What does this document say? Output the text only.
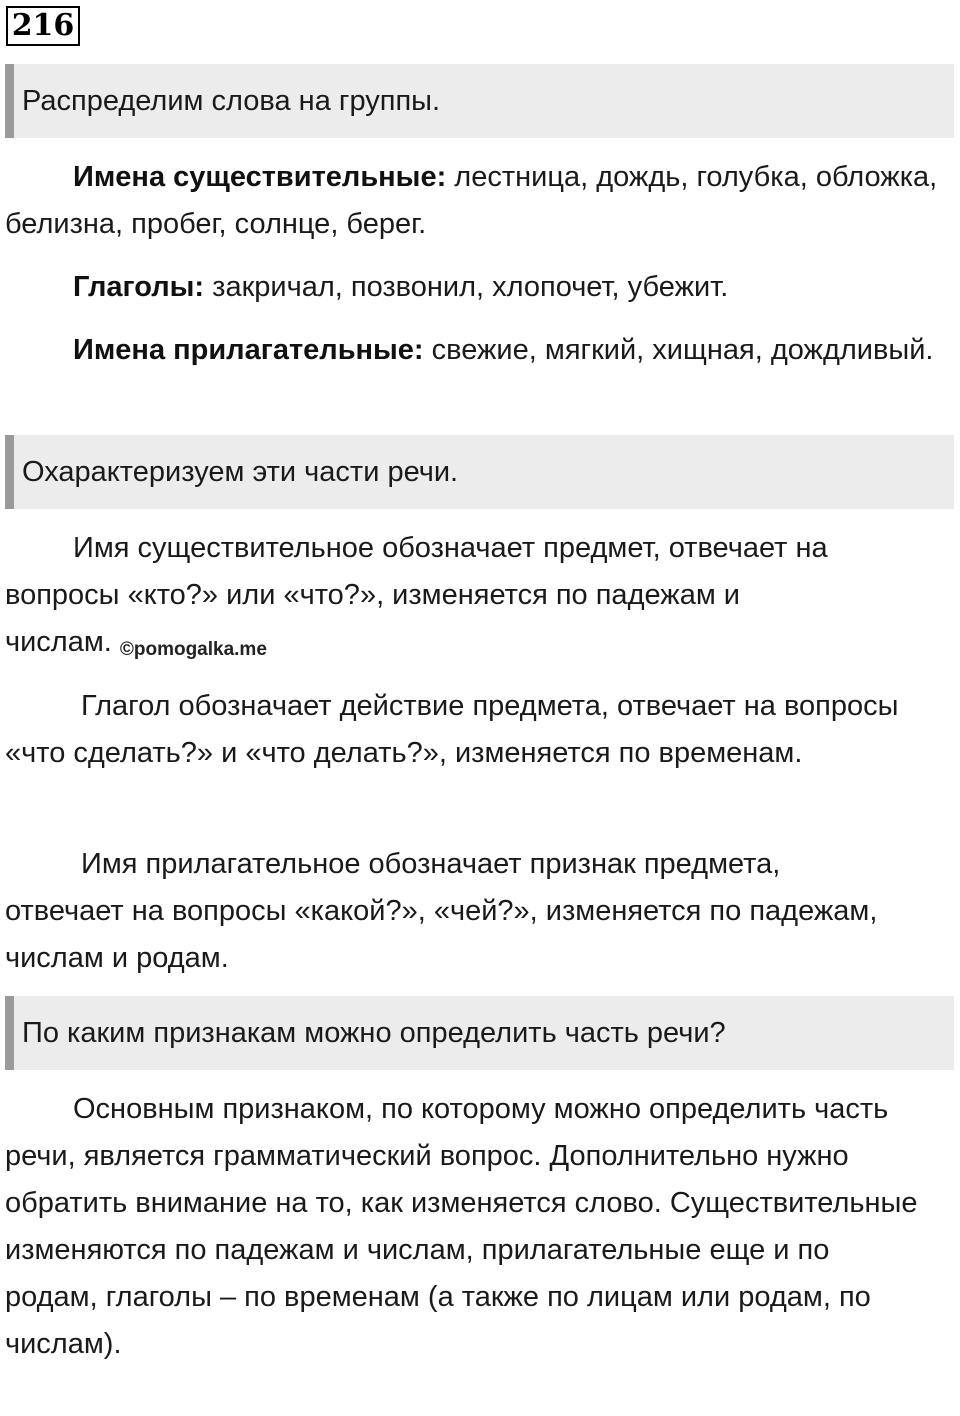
216
Распределим слова на группы.

Имена существительные: лестница, дождь, голубка, обложка, белизна, пробег, солнце, берег.

Глаголы: закричал, позвонил, хлопочет, убежит.

Имена прилагательные: свежие, мягкий, хищная, дождливый.

Охарактеризуем эти части речи.

Имя существительное обозначает предмет, отвечает на вопросы «кто?» или «что?», изменяется по падежам и числам. ©pomogalka.me

Глагол обозначает действие предмета, отвечает на вопросы «что сделать?» и «что делать?», изменяется по временам.

Имя прилагательное обозначает признак предмета, отвечает на вопросы «какой?», «чей?», изменяется по падежам, числам и родам.

По каким признакам можно определить часть речи?

Основным признаком, по которому можно определить часть речи, является грамматический вопрос. Дополнительно нужно обратить внимание на то, как изменяется слово. Существительные изменяются по падежам и числам, прилагательные еще и по родам, глаголы – по временам (а также по лицам или родам, по числам).
